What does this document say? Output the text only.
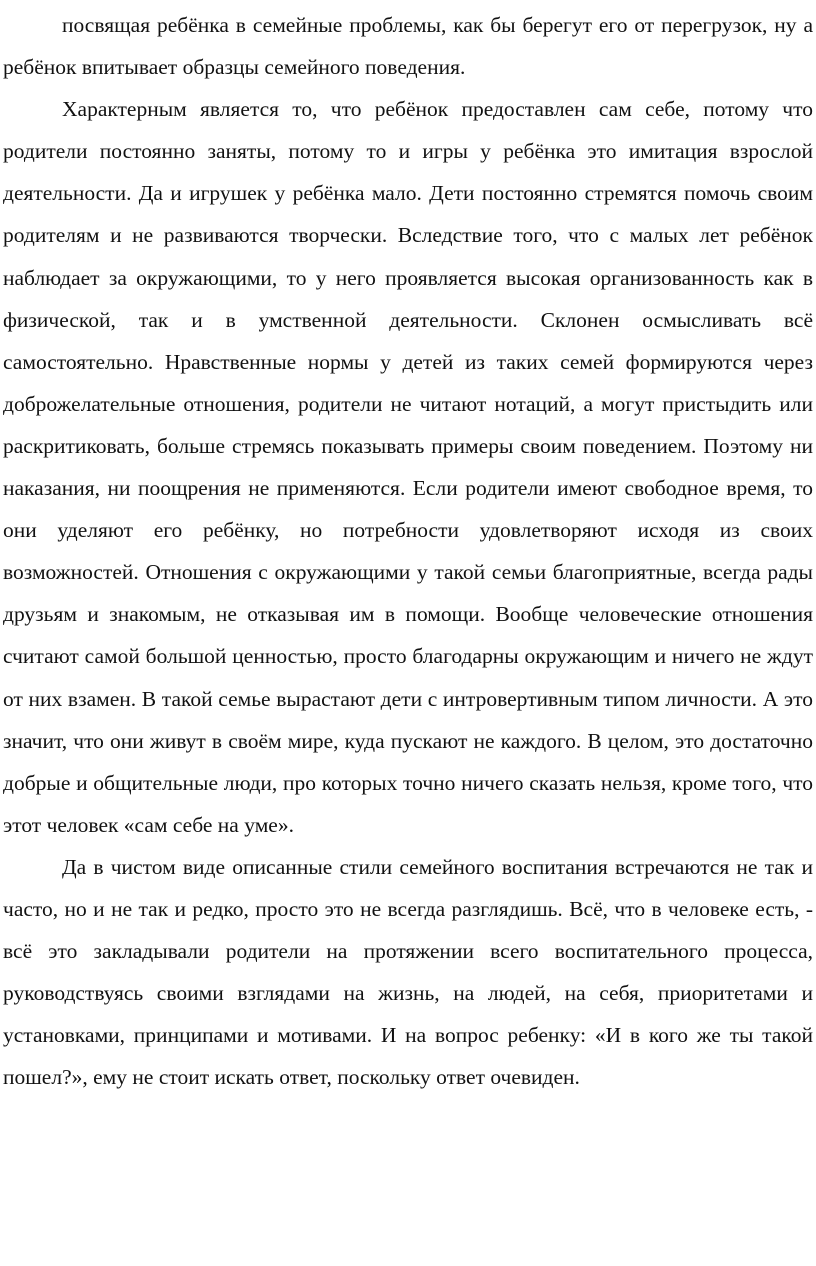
посвящая ребёнка в семейные проблемы, как бы берегут его от перегрузок, ну а ребёнок впитывает образцы семейного поведения.

Характерным является то, что ребёнок предоставлен сам себе, потому что родители постоянно заняты, потому то и игры у ребёнка это имитация взрослой деятельности. Да и игрушек у ребёнка мало. Дети постоянно стремятся помочь своим родителям и не развиваются творчески. Вследствие того, что с малых лет ребёнок наблюдает за окружающими, то у него проявляется высокая организованность как в физической, так и в умственной деятельности. Склонен осмысливать всё самостоятельно. Нравственные нормы у детей из таких семей формируются через доброжелательные отношения, родители не читают нотаций, а могут пристыдить или раскритиковать, больше стремясь показывать примеры своим поведением. Поэтому ни наказания, ни поощрения не применяются. Если родители имеют свободное время, то они уделяют его ребёнку, но потребности удовлетворяют исходя из своих возможностей. Отношения с окружающими у такой семьи благоприятные, всегда рады друзьям и знакомым, не отказывая им в помощи. Вообще человеческие отношения считают самой большой ценностью, просто благодарны окружающим и ничего не ждут от них взамен. В такой семье вырастают дети с интровертивным типом личности. А это значит, что они живут в своём мире, куда пускают не каждого. В целом, это достаточно добрые и общительные люди, про которых точно ничего сказать нельзя, кроме того, что этот человек «сам себе на уме».

Да в чистом виде описанные стили семейного воспитания встречаются не так и часто, но и не так и редко, просто это не всегда разглядишь. Всё, что в человеке есть, - всё это закладывали родители на протяжении всего воспитательного процесса, руководствуясь своими взглядами на жизнь, на людей, на себя, приоритетами и установками, принципами и мотивами. И на вопрос ребенку: «И в кого же ты такой пошел?», ему не стоит искать ответ, поскольку ответ очевиден.
